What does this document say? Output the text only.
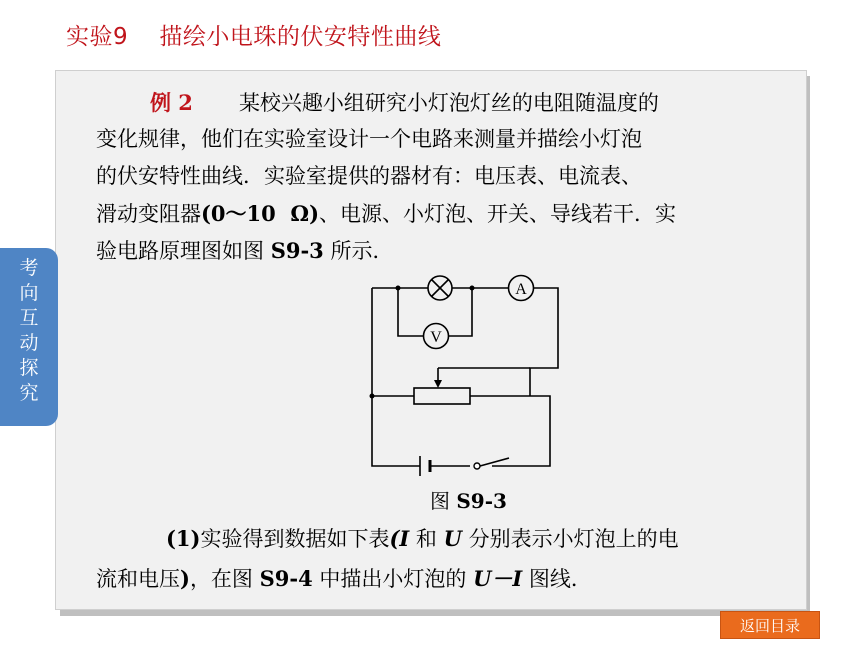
实验9    描绘小电珠的伏安特性曲线
考
向
互
动
探
究
例 2 某校兴趣小组研究小灯泡灯丝的电阻随温度的
变化规律，他们在实验室设计一个电路来测量并描绘小灯泡
的伏安特性曲线．实验室提供的器材有：电压表、电流表、
滑动变阻器(0～10  Ω)、电源、小灯泡、开关、导线若干．实
验电路原理图如图 S9-3 所示．
A
V
图 S9-3
(1)实验得到数据如下表(I 和 U 分别表示小灯泡上的电
流和电压)，在图 S9-4 中描出小灯泡的 U－I 图线．
返回目录
